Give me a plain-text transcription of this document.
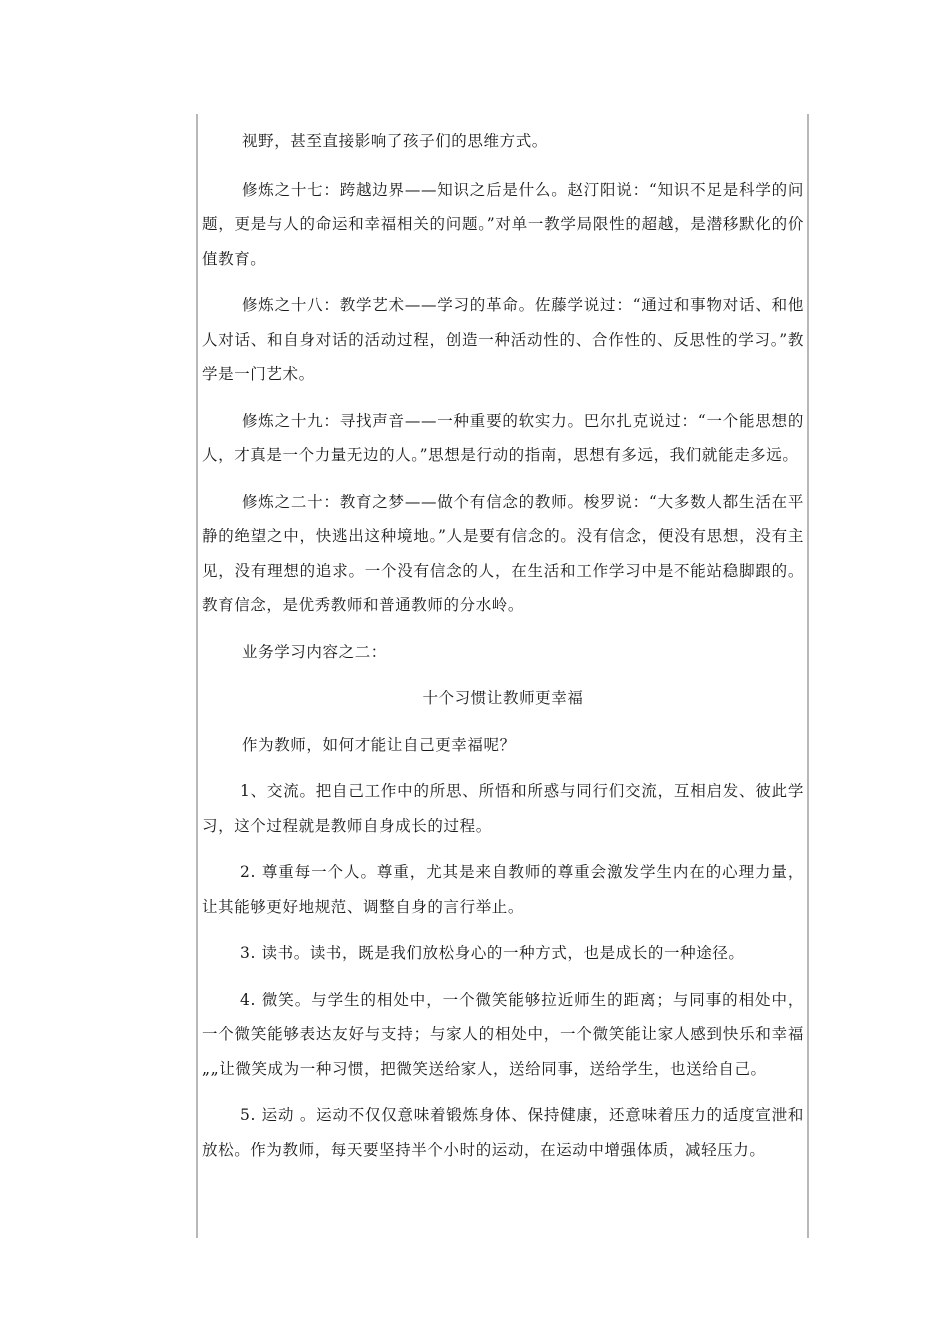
视野，甚至直接影响了孩子们的思维方式。

修炼之十七：跨越边界——知识之后是什么。赵汀阳说：“知识不足是科学的问题，更是与人的命运和幸福相关的问题。”对单一教学局限性的超越，是潜移默化的价值教育。

修炼之十八：教学艺术——学习的革命。佐藤学说过：“通过和事物对话、和他人对话、和自身对话的活动过程，创造一种活动性的、合作性的、反思性的学习。”教学是一门艺术。

修炼之十九：寻找声音——一种重要的软实力。巴尔扎克说过：“一个能思想的人，才真是一个力量无边的人。”思想是行动的指南，思想有多远，我们就能走多远。

修炼之二十：教育之梦——做个有信念的教师。梭罗说：“大多数人都生活在平静的绝望之中，快逃出这种境地。”人是要有信念的。没有信念，便没有思想，没有主见，没有理想的追求。一个没有信念的人，在生活和工作学习中是不能站稳脚跟的。教育信念，是优秀教师和普通教师的分水岭。

业务学习内容之二：

十个习惯让教师更幸福

作为教师，如何才能让自己更幸福呢？

1、交流。把自己工作中的所思、所悟和所惑与同行们交流，互相启发、彼此学习，这个过程就是教师自身成长的过程。

2. 尊重每一个人。尊重，尤其是来自教师的尊重会激发学生内在的心理力量，让其能够更好地规范、调整自身的言行举止。

3. 读书。读书，既是我们放松身心的一种方式，也是成长的一种途径。

4. 微笑。与学生的相处中，一个微笑能够拉近师生的距离；与同事的相处中，一个微笑能够表达友好与支持；与家人的相处中，一个微笑能让家人感到快乐和幸福„„让微笑成为一种习惯，把微笑送给家人，送给同事，送给学生，也送给自己。

5. 运动 。运动不仅仅意味着锻炼身体、保持健康，还意味着压力的适度宣泄和放松。作为教师，每天要坚持半个小时的运动，在运动中增强体质，减轻压力。
